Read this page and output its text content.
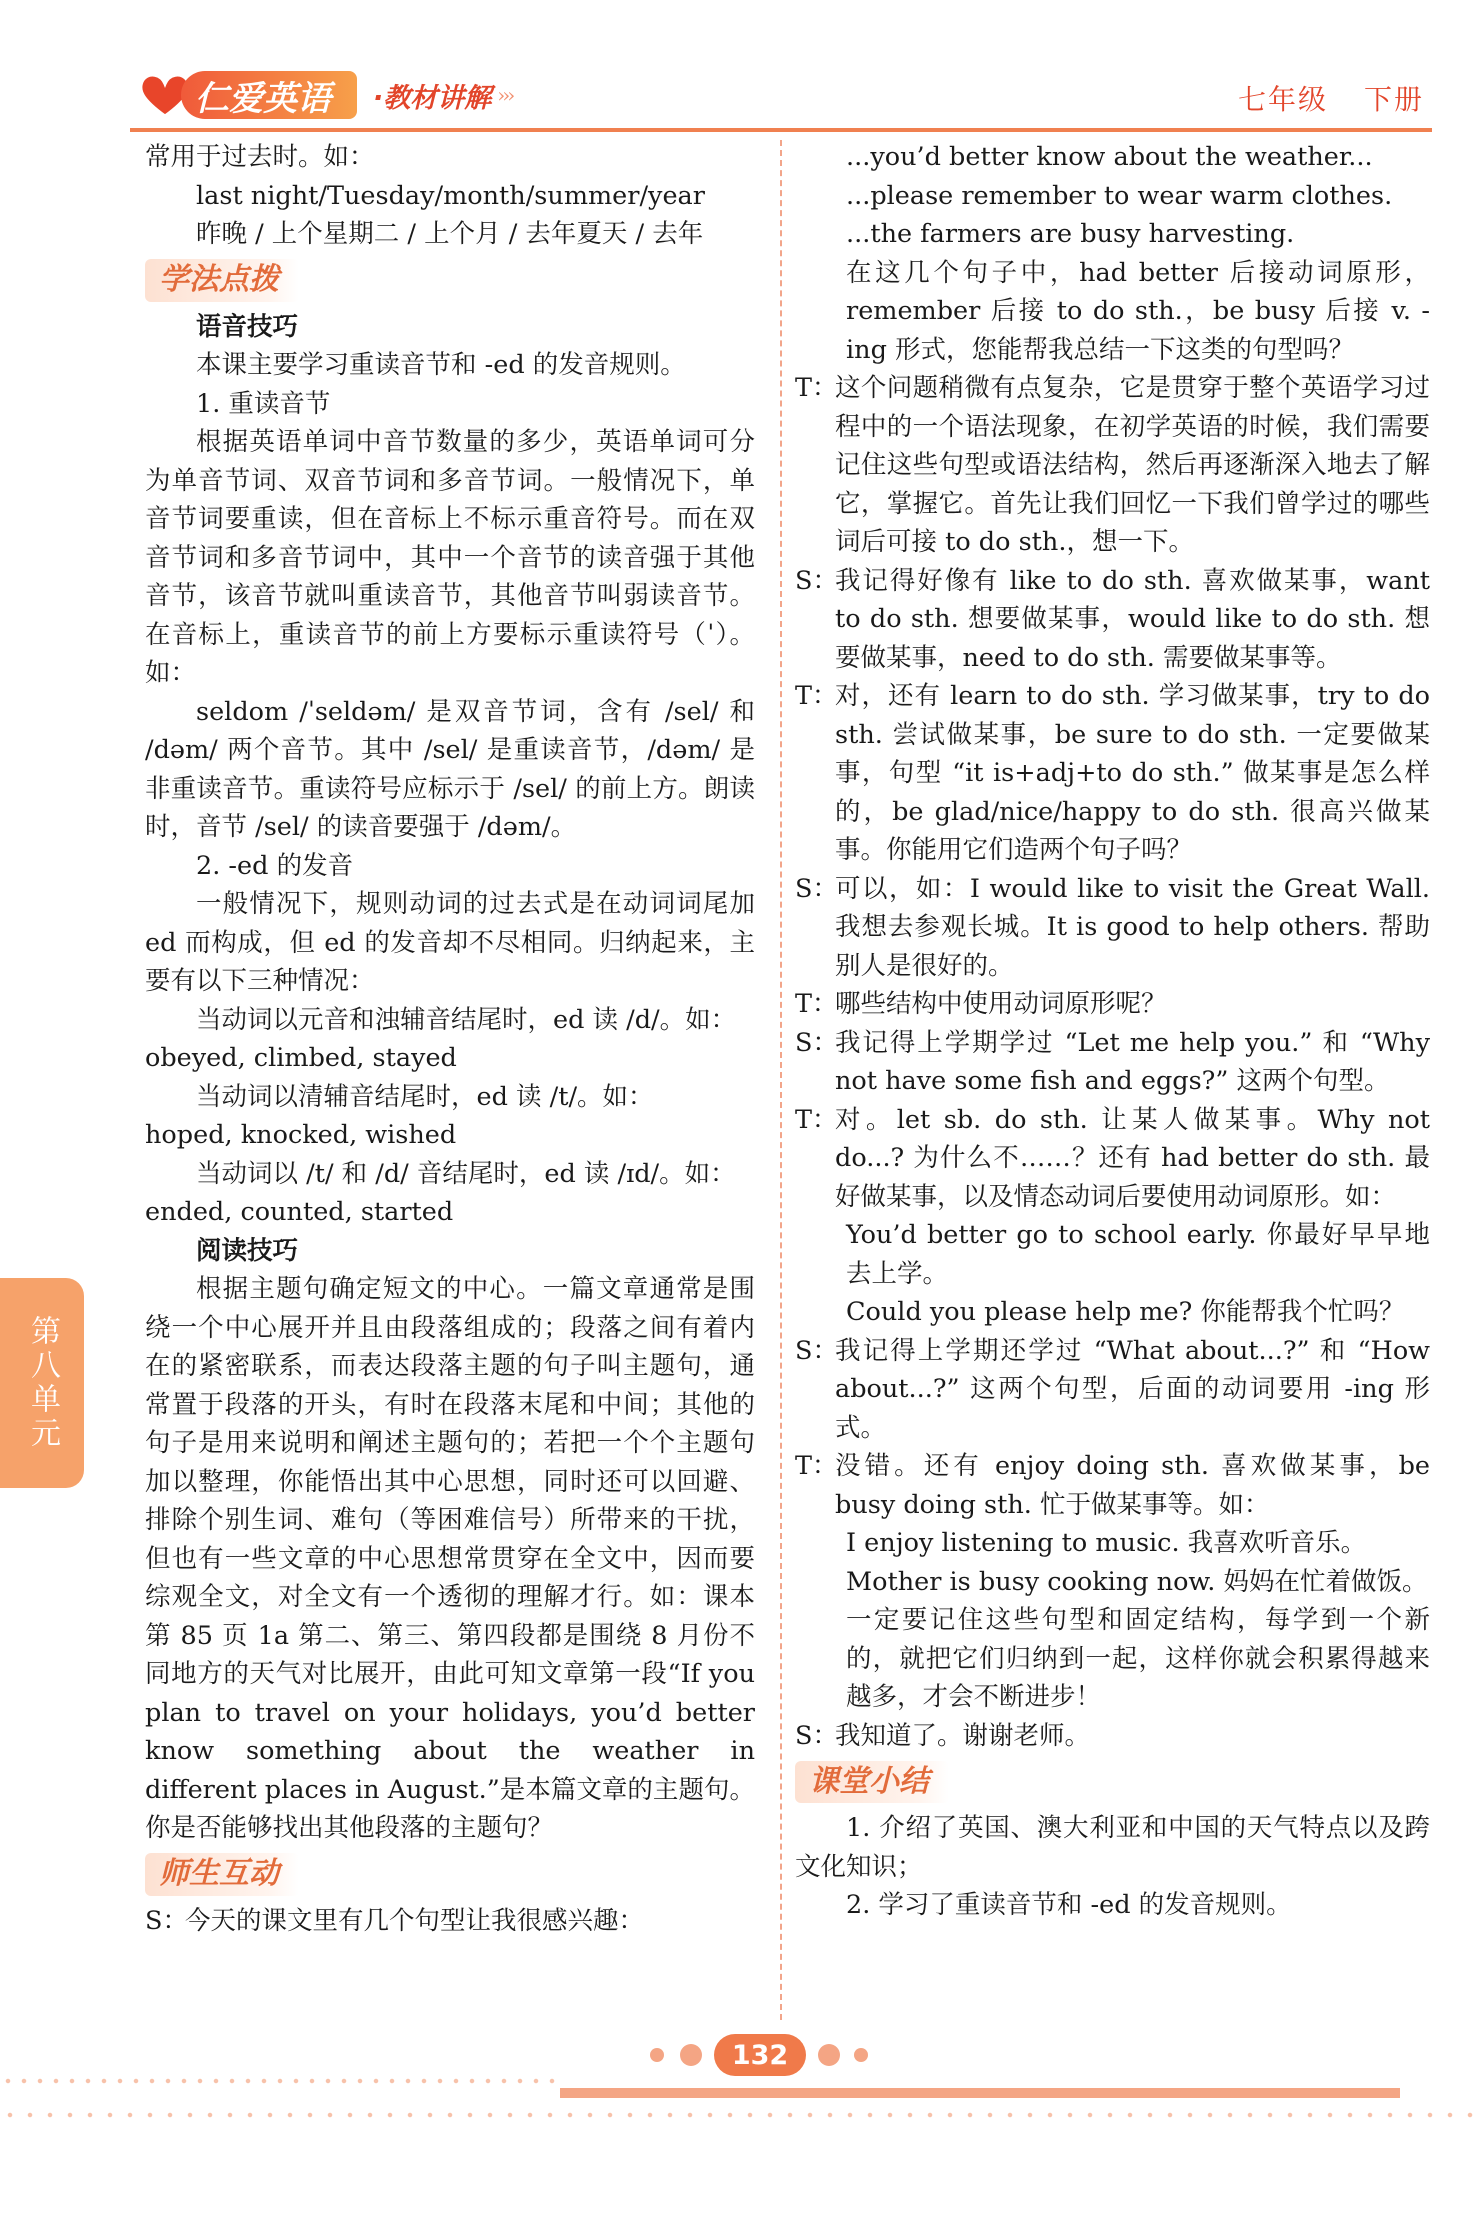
仁爱英语	·教材讲解 ›››	七年级 下册

常用于过去时。如：

last night/Tuesday/month/summer/year

昨晚 / 上个星期二 / 上个月 / 去年夏天 / 去年

学法点拨

语音技巧

本课主要学习重读音节和 -ed 的发音规则。

1. 重读音节

根据英语单词中音节数量的多少，英语单词可分为单音节词、双音节词和多音节词。一般情况下，单音节词要重读，但在音标上不标示重音符号。而在双音节词和多音节词中，其中一个音节的读音强于其他音节，该音节就叫重读音节，其他音节叫弱读音节。在音标上，重读音节的前上方要标示重读符号（ˈ）。如：

seldom /ˈseldəm/ 是双音节词，含有 /sel/ 和 /dəm/ 两个音节。其中 /sel/ 是重读音节，/dəm/ 是非重读音节。重读符号应标示于 /sel/ 的前上方。朗读时，音节 /sel/ 的读音要强于 /dəm/。

2. -ed 的发音

一般情况下，规则动词的过去式是在动词词尾加 ed 而构成，但 ed 的发音却不尽相同。归纳起来，主要有以下三种情况：

当动词以元音和浊辅音结尾时，ed 读 /d/。如：

obeyed, climbed, stayed

当动词以清辅音结尾时，ed 读 /t/。如：

hoped, knocked, wished

当动词以 /t/ 和 /d/ 音结尾时，ed 读 /ɪd/。如：

ended, counted, started

阅读技巧

根据主题句确定短文的中心。一篇文章通常是围绕一个中心展开并且由段落组成的；段落之间有着内在的紧密联系，而表达段落主题的句子叫主题句，通常置于段落的开头，有时在段落末尾和中间；其他的句子是用来说明和阐述主题句的；若把一个个主题句加以整理，你能悟出其中心思想，同时还可以回避、排除个别生词、难句（等困难信号）所带来的干扰，但也有一些文章的中心思想常贯穿在全文中，因而要综观全文，对全文有一个透彻的理解才行。如：课本第 85 页 1a 第二、第三、第四段都是围绕 8 月份不同地方的天气对比展开，由此可知文章第一段“If you plan to travel on your holidays, you’d better know something about the weather in different places in August.”是本篇文章的主题句。你是否能够找出其他段落的主题句？

师生互动
S：
今天的课文里有几个句型让我很感兴趣：

...you’d better know about the weather...

...please remember to wear warm clothes.

...the farmers are busy harvesting.

在这几个句子中，had better 后接动词原形，remember 后接 to do sth.，be busy 后接 v. -ing 形式，您能帮我总结一下这类的句型吗？

T：
这个问题稍微有点复杂，它是贯穿于整个英语学习过程中的一个语法现象，在初学英语的时候，我们需要记住这些句型或语法结构，然后再逐渐深入地去了解它，掌握它。首先让我们回忆一下我们曾学过的哪些词后可接 to do sth.，想一下。
S：
我记得好像有 like to do sth. 喜欢做某事，want to do sth. 想要做某事，would like to do sth. 想要做某事，need to do sth. 需要做某事等。
T：
对，还有 learn to do sth. 学习做某事，try to do sth. 尝试做某事，be sure to do sth. 一定要做某事，句型 “it is+adj+to do sth.” 做某事是怎么样的，be glad/nice/happy to do sth. 很高兴做某事。你能用它们造两个句子吗？
S：
可以，如：I would like to visit the Great Wall. 我想去参观长城。It is good to help others. 帮助别人是很好的。
T：
哪些结构中使用动词原形呢？
S：
我记得上学期学过 “Let me help you.” 和 “Why not have some fish and eggs?” 这两个句型。
T：
对。let sb. do sth. 让某人做某事。Why not do...? 为什么不……？还有 had better do sth. 最好做某事，以及情态动词后要使用动词原形。如：

You’d better go to school early. 你最好早早地去上学。

Could you please help me? 你能帮我个忙吗？

S：
我记得上学期还学过 “What about...?” 和 “How about...?” 这两个句型，后面的动词要用 -ing 形式。
T：
没错。还有 enjoy doing sth. 喜欢做某事，be busy doing sth. 忙于做某事等。如：

I enjoy listening to music. 我喜欢听音乐。

Mother is busy cooking now. 妈妈在忙着做饭。

一定要记住这些句型和固定结构，每学到一个新的，就把它们归纳到一起，这样你就会积累得越来越多，才会不断进步！

S：
我知道了。谢谢老师。
课堂小结

1. 介绍了英国、澳大利亚和中国的天气特点以及跨文化知识；

2. 学习了重读音节和 -ed 的发音规则。

第八单元
132
